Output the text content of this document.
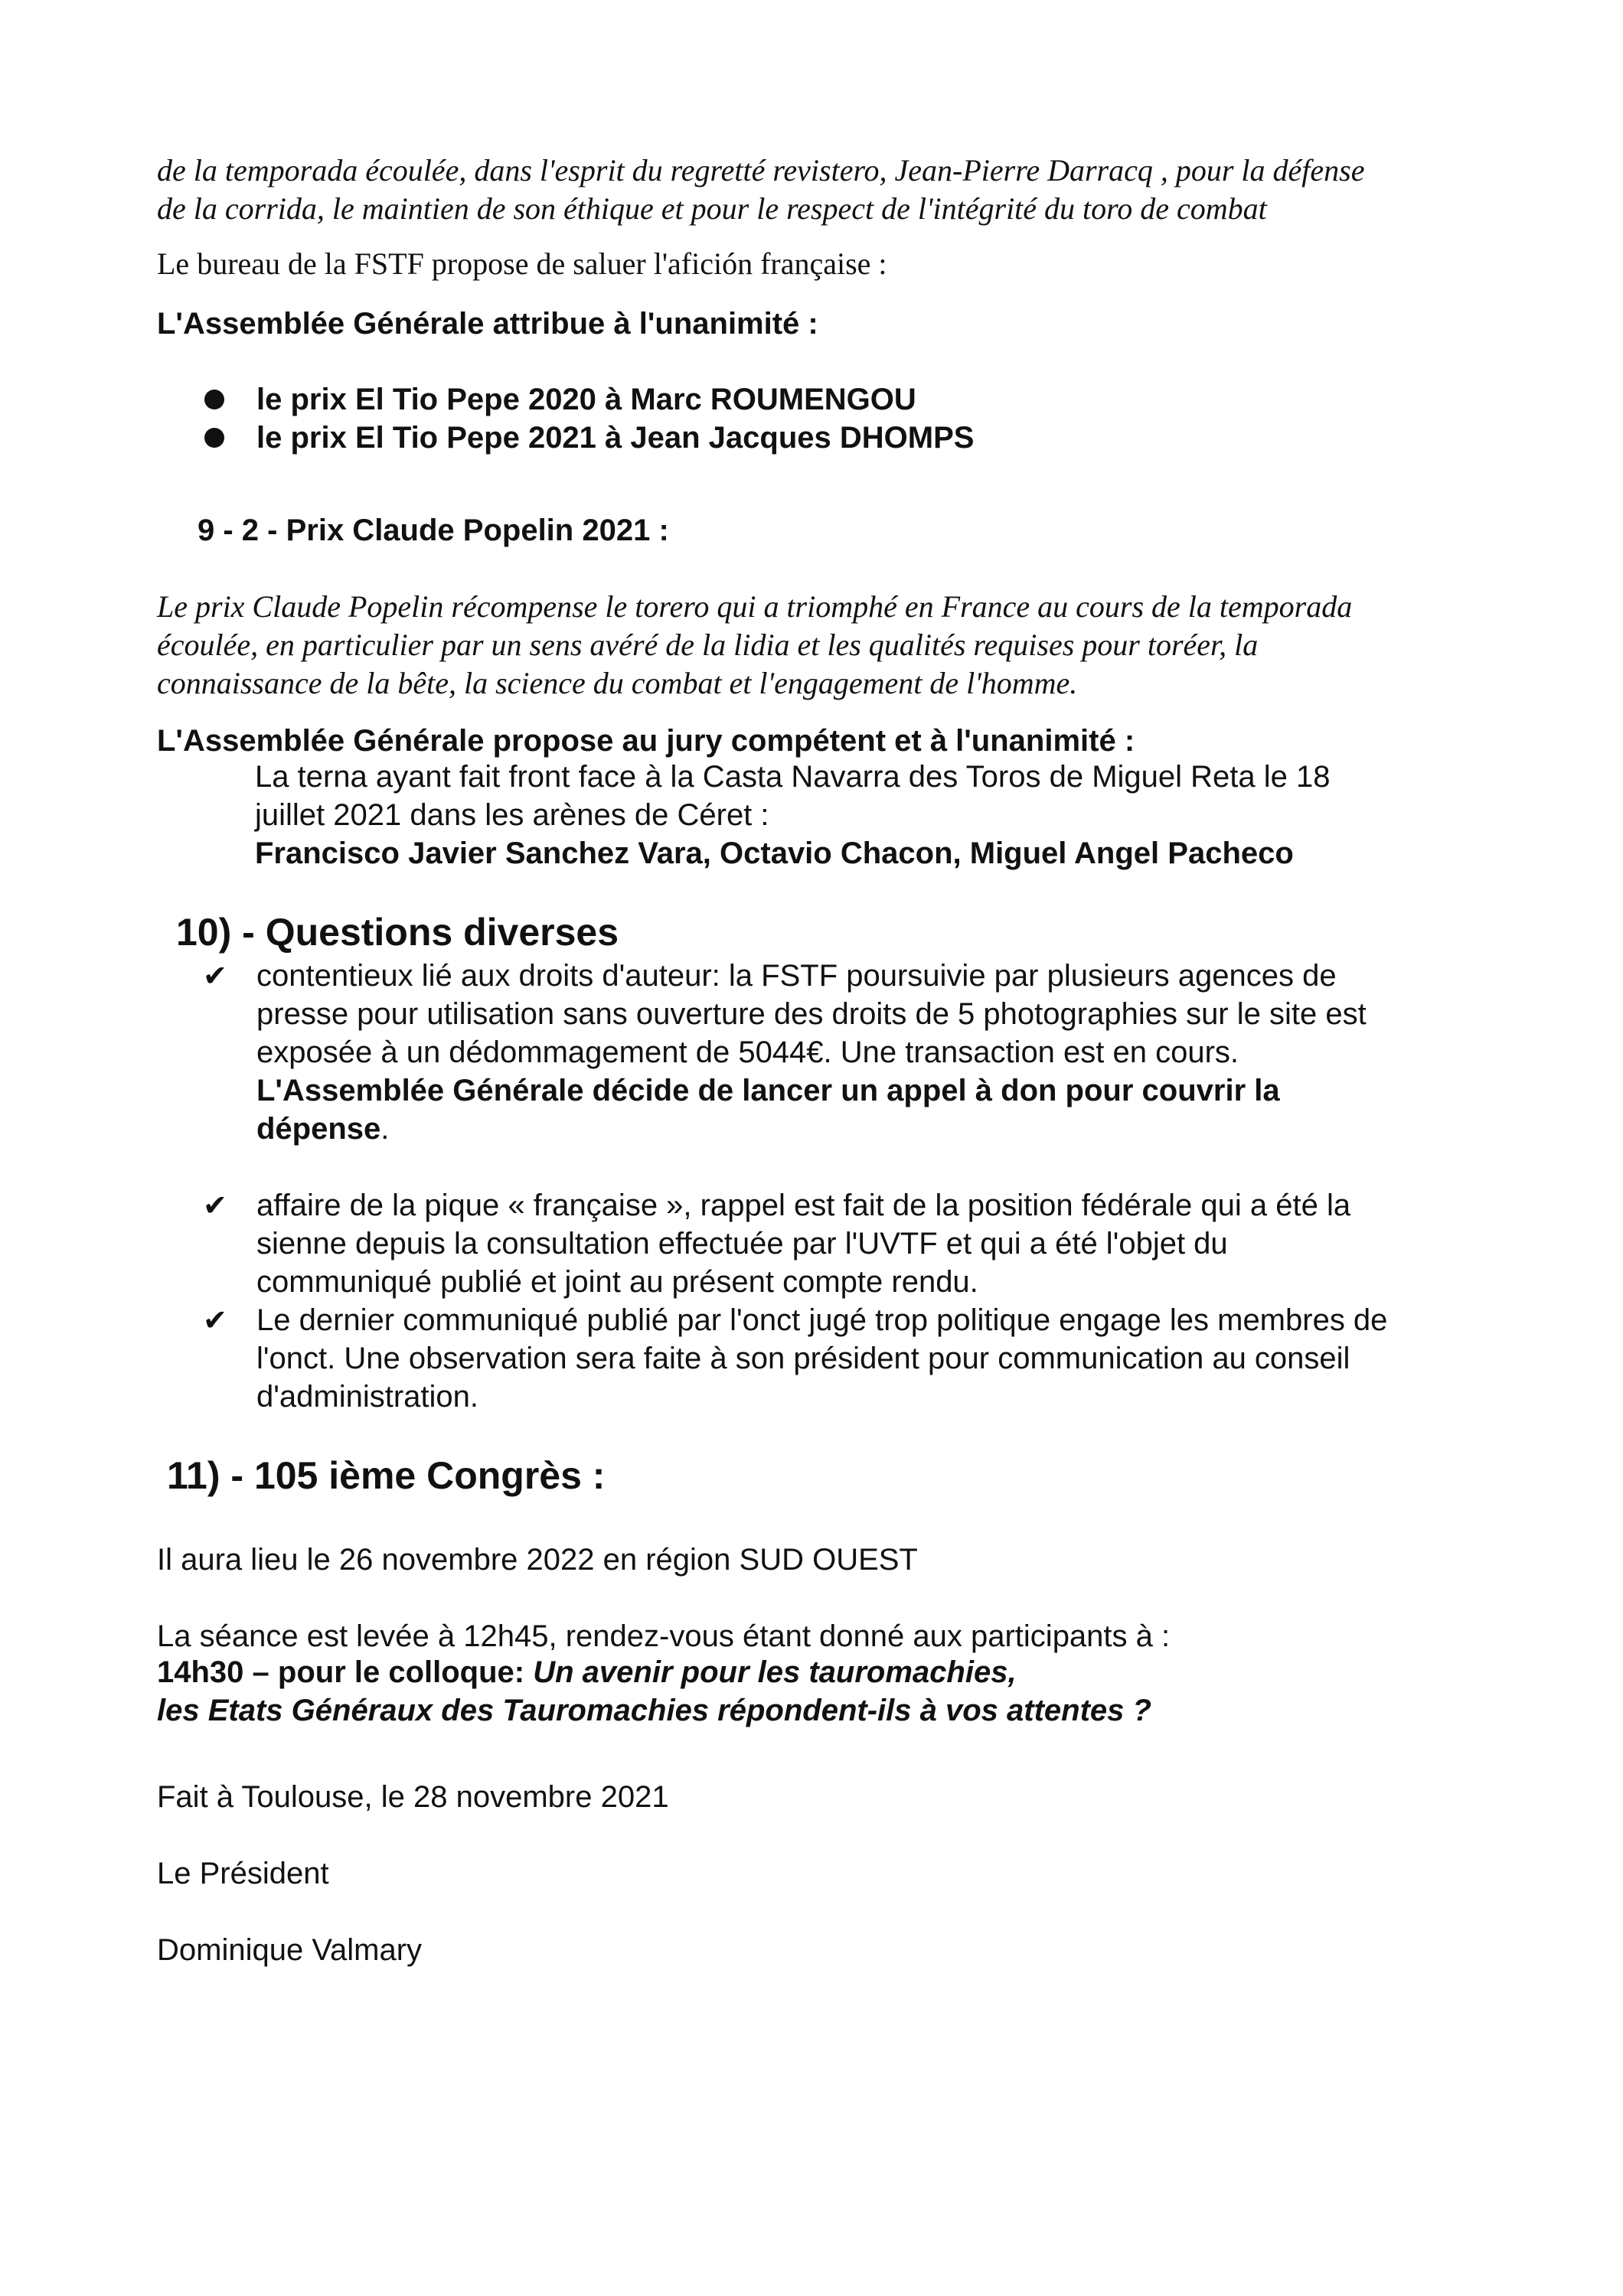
de la temporada écoulée, dans l'esprit du regretté revistero, Jean-Pierre Darracq , pour la défense
de la corrida, le maintien de son éthique et pour le respect de l'intégrité du toro de combat

Le bureau de la FSTF propose de saluer l'afición française :

L'Assemblée Générale attribue à l'unanimité :

le prix El Tio Pepe 2020 à Marc ROUMENGOU
le prix El Tio Pepe 2021 à Jean Jacques DHOMPS

9 - 2 - Prix Claude Popelin 2021 :

Le prix Claude Popelin récompense le torero qui a triomphé en France au cours de la temporada
écoulée, en particulier par un sens avéré de la lidia et les qualités requises pour toréer, la
connaissance de la bête, la science du combat et l'engagement de l'homme.

L'Assemblée Générale propose au jury compétent et à l'unanimité :

La terna ayant fait front face à la Casta Navarra des Toros de Miguel Reta le 18
juillet 2021 dans les arènes de Céret :
Francisco Javier Sanchez Vara, Octavio Chacon, Miguel Angel Pacheco

10) - Questions diverses

✔ contentieux lié aux droits d'auteur: la FSTF poursuivie par plusieurs agences de
presse pour utilisation sans ouverture des droits de 5 photographies sur le site est
exposée à un dédommagement de 5044€. Une transaction est en cours.
L'Assemblée Générale décide de lancer un appel à don pour couvrir la
dépense.
✔ affaire de la pique « française », rappel est fait de la position fédérale qui a été la
sienne depuis la consultation effectuée par l'UVTF et qui a été l'objet du
communiqué publié et joint au présent compte rendu.
✔ Le dernier communiqué publié par l'onct jugé trop politique engage les membres de
l'onct. Une observation sera faite à son président pour communication au conseil
d'administration.

11) - 105 ième Congrès :

Il aura lieu le 26 novembre 2022 en région SUD OUEST

La séance est levée à 12h45, rendez-vous étant donné aux participants à :

14h30 – pour le colloque: Un avenir pour les tauromachies,
les Etats Généraux des Tauromachies répondent-ils à vos attentes ?

Fait à Toulouse, le 28 novembre 2021

Le Président

Dominique Valmary
